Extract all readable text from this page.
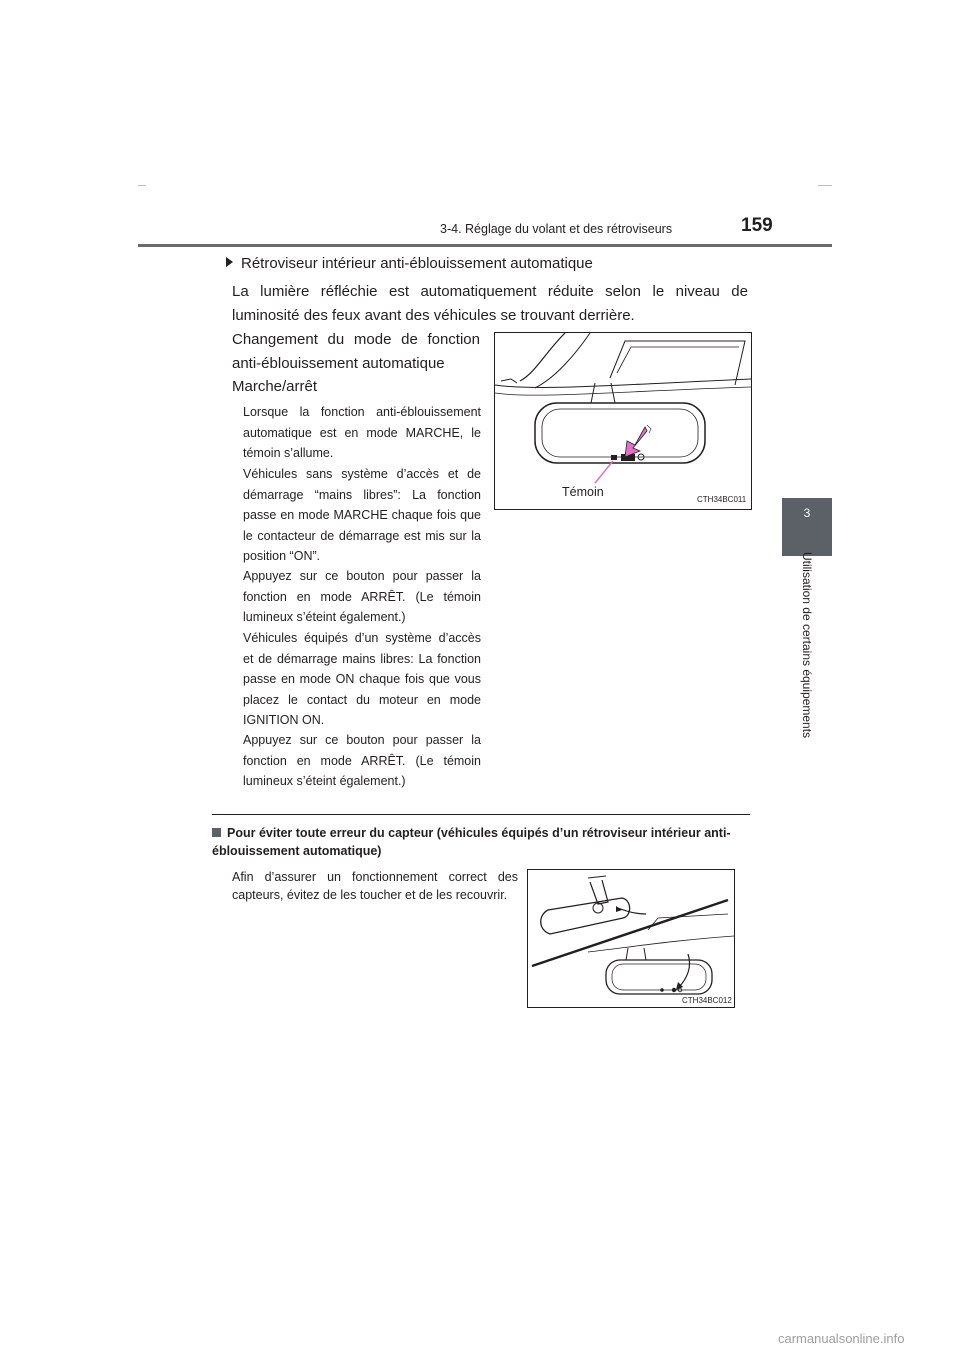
3-4. Réglage du volant et des rétroviseurs	159
3
Utilisation de certains équipements
Rétroviseur intérieur anti-éblouissement automatique

La lumière réfléchie est automatiquement réduite selon le niveau de luminosité des feux avant des véhicules se trouvant derrière.

Changement du mode de fonction anti-éblouissement automatique

Marche/arrêt

Lorsque la fonction anti-éblouissement automatique est en mode MARCHE, le témoin s’allume.

Véhicules sans système d’accès et de démarrage “mains libres”: La fonction passe en mode MARCHE chaque fois que le contacteur de démarrage est mis sur la position “ON”.

Appuyez sur ce bouton pour passer la fonction en mode ARRÊT. (Le témoin lumineux s’éteint également.)

Véhicules équipés d’un système d’accès et de démarrage mains libres: La fonction passe en mode ON chaque fois que vous placez le contact du moteur en mode IGNITION ON.

Appuyez sur ce bouton pour passer la fonction en mode ARRÊT. (Le témoin lumineux s’éteint également.)

Témoin
CTH34BC011

Pour éviter toute erreur du capteur (véhicules équipés d’un rétroviseur intérieur anti-éblouissement automatique)

Afin d’assurer un fonctionnement correct des capteurs, évitez de les toucher et de les recouvrir.

CTH34BC012
carmanualsonline.info
